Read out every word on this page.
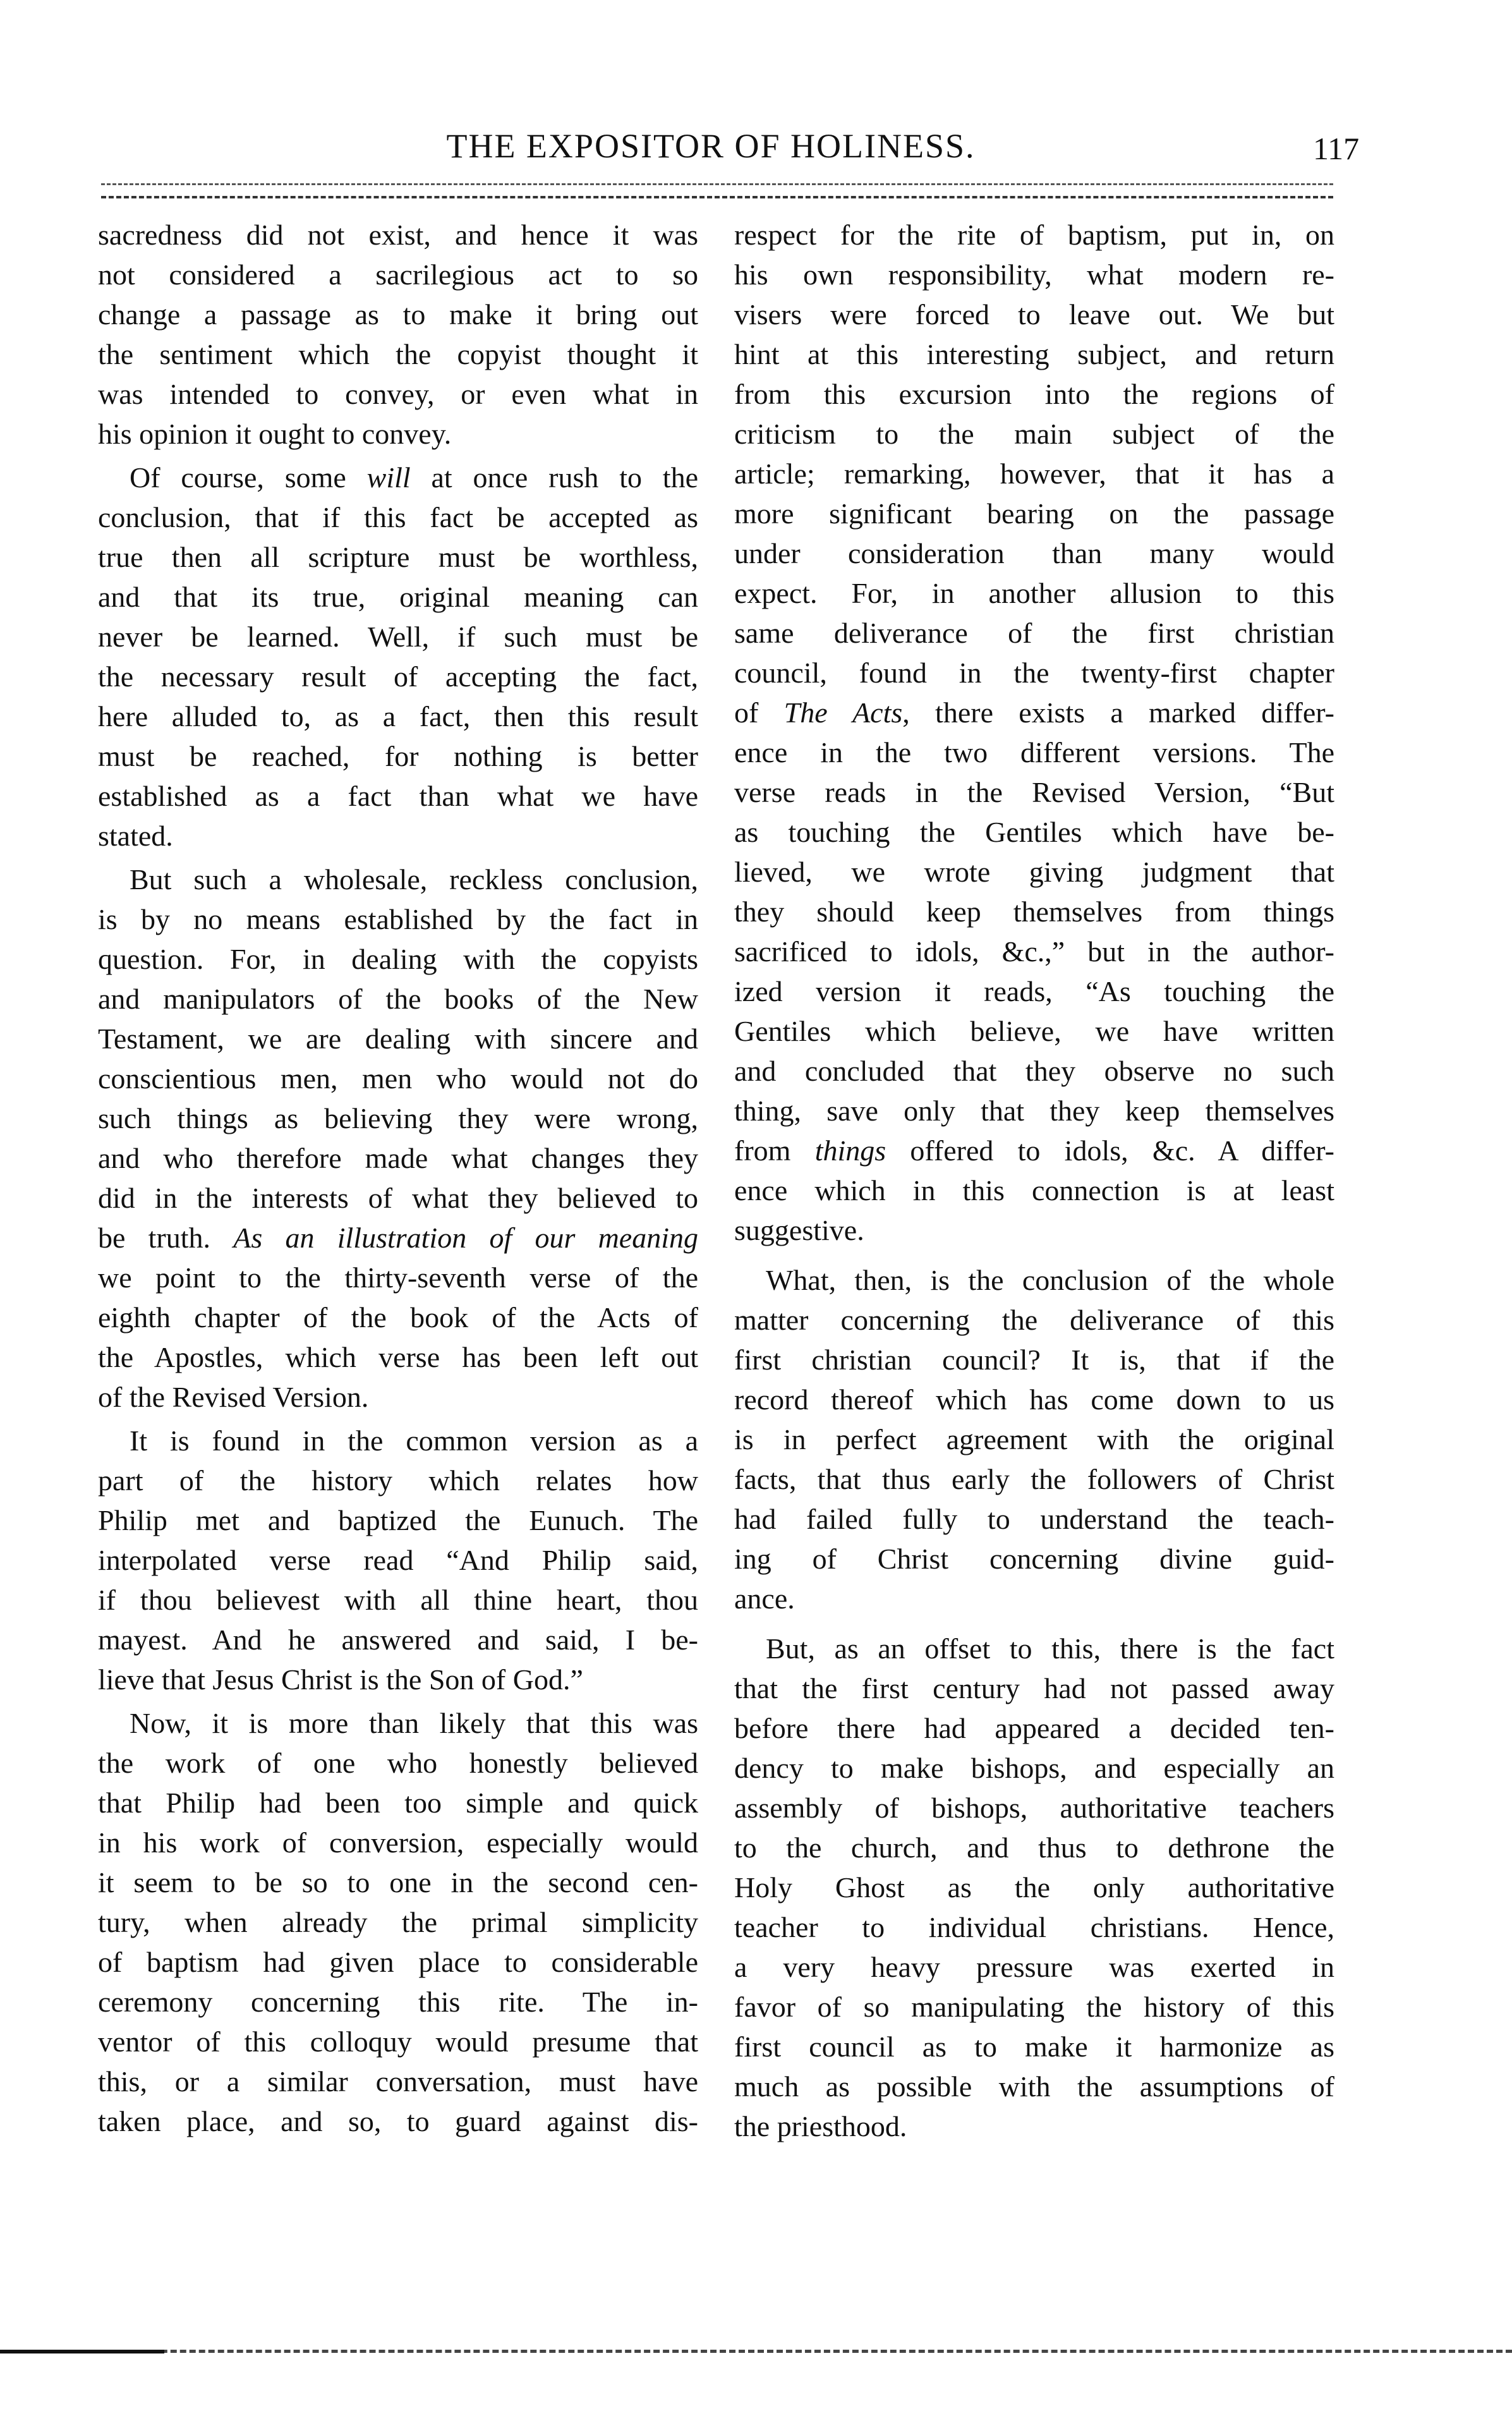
THE EXPOSITOR OF HOLINESS.	117
sacredness did not exist, and hence it was
not considered a sacrilegious act to so
change a passage as to make it bring out
the sentiment which the copyist thought it
was intended to convey, or even what in
his opinion it ought to convey.
Of course, some will at once rush to the
conclusion, that if this fact be accepted as
true then all scripture must be worthless,
and that its true, original meaning can
never be learned. Well, if such must be
the necessary result of accepting the fact,
here alluded to, as a fact, then this result
must be reached, for nothing is better
established as a fact than what we have
stated.
But such a wholesale, reckless conclusion,
is by no means established by the fact in
question. For, in dealing with the copyists
and manipulators of the books of the New
Testament, we are dealing with sincere and
conscientious men, men who would not do
such things as believing they were wrong,
and who therefore made what changes they
did in the interests of what they believed to
be truth. As an illustration of our meaning
we point to the thirty-seventh verse of the
eighth chapter of the book of the Acts of
the Apostles, which verse has been left out
of the Revised Version.
It is found in the common version as a
part of the history which relates how
Philip met and baptized the Eunuch. The
interpolated verse read “And Philip said,
if thou believest with all thine heart, thou
mayest. And he answered and said, I be-
lieve that Jesus Christ is the Son of God.”
Now, it is more than likely that this was
the work of one who honestly believed
that Philip had been too simple and quick
in his work of conversion, especially would
it seem to be so to one in the second cen-
tury, when already the primal simplicity
of baptism had given place to considerable
ceremony concerning this rite. The in-
ventor of this colloquy would presume that
this, or a similar conversation, must have
taken place, and so, to guard against dis-
respect for the rite of baptism, put in, on
his own responsibility, what modern re-
visers were forced to leave out. We but
hint at this interesting subject, and return
from this excursion into the regions of
criticism to the main subject of the
article; remarking, however, that it has a
more significant bearing on the passage
under consideration than many would
expect. For, in another allusion to this
same deliverance of the first christian
council, found in the twenty-first chapter
of The Acts, there exists a marked differ-
ence in the two different versions. The
verse reads in the Revised Version, “But
as touching the Gentiles which have be-
lieved, we wrote giving judgment that
they should keep themselves from things
sacrificed to idols, &c.,” but in the author-
ized version it reads, “As touching the
Gentiles which believe, we have written
and concluded that they observe no such
thing, save only that they keep themselves
from things offered to idols, &c. A differ-
ence which in this connection is at least
suggestive.
What, then, is the conclusion of the whole
matter concerning the deliverance of this
first christian council? It is, that if the
record thereof which has come down to us
is in perfect agreement with the original
facts, that thus early the followers of Christ
had failed fully to understand the teach-
ing of Christ concerning divine guid-
ance.
But, as an offset to this, there is the fact
that the first century had not passed away
before there had appeared a decided ten-
dency to make bishops, and especially an
assembly of bishops, authoritative teachers
to the church, and thus to dethrone the
Holy Ghost as the only authoritative
teacher to individual christians. Hence,
a very heavy pressure was exerted in
favor of so manipulating the history of this
first council as to make it harmonize as
much as possible with the assumptions of
the priesthood.
